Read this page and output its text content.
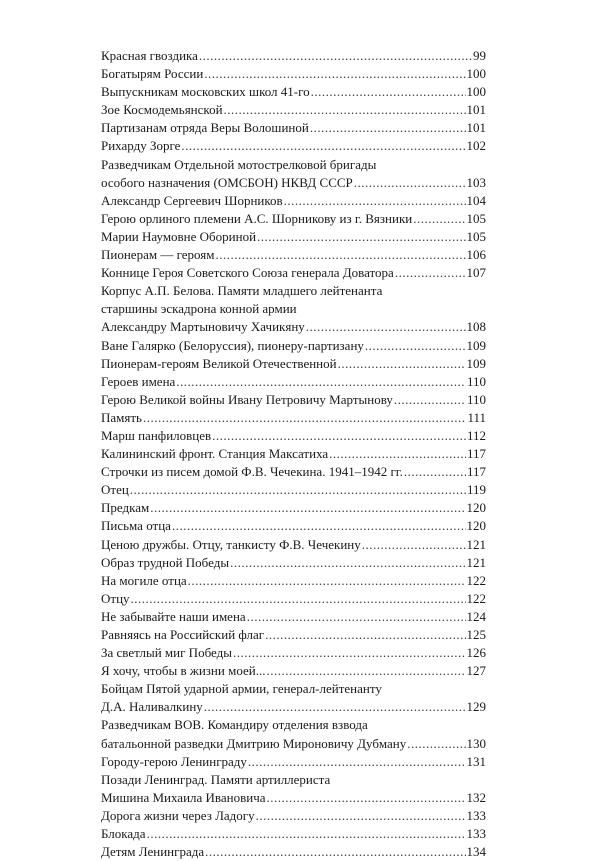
Красная гвоздика .....	99
Богатырям России .....	100
Выпускникам московских школ 41-го .....	100
Зое Космодемьянской .....	101
Партизанам отряда Веры Волошиной .....	101
Рихарду Зорге .....	102
Разведчикам Отдельной мотострелковой бригады
особого назначения (ОМСБОН) НКВД СССР .....	103
Александр Сергеевич Шорников .....	104
Герою орлиного племени А.С. Шорникову из г. Вязники .....	105
Марии Наумовне Обориной .....	105
Пионерам — героям .....	106
Коннице Героя Советского Союза генерала Доватора .....	107
Корпус А.П. Белова. Памяти младшего лейтенанта
старшины эскадрона конной армии
Александру Мартыновичу Хачикяну .....	108
Ване Галярко (Белоруссия), пионеру-партизану .....	109
Пионерам-героям Великой Отечественной .....	109
Героев имена .....	110
Герою Великой войны Ивану Петровичу Мартынову .....	110
Память .....	111
Марш панфиловцев .....	112
Калининский фронт. Станция Максатиха .....	117
Строчки из писем домой Ф.В. Чечекина. 1941–1942 гг. .....	117
Отец .....	119
Предкам .....	120
Письма отца .....	120
Ценою дружбы. Отцу, танкисту Ф.В. Чечекину .....	121
Образ трудной Победы .....	121
На могиле отца .....	122
Отцу .....	122
Не забывайте наши имена .....	124
Равняясь на Российский флаг .....	125
За светлый миг Победы .....	126
Я хочу, чтобы в жизни моей... .....	127
Бойцам Пятой ударной армии, генерал-лейтенанту
Д.А. Наливалкину .....	129
Разведчикам ВОВ. Командиру отделения взвода
батальонной разведки Дмитрию Мироновичу Дубману .....	130
Городу-герою Ленинграду .....	131
Позади Ленинград. Памяти артиллериста
Мишина Михаила Ивановича .....	132
Дорога жизни через Ладогу .....	133
Блокада .....	133
Детям Ленинграда .....	134
